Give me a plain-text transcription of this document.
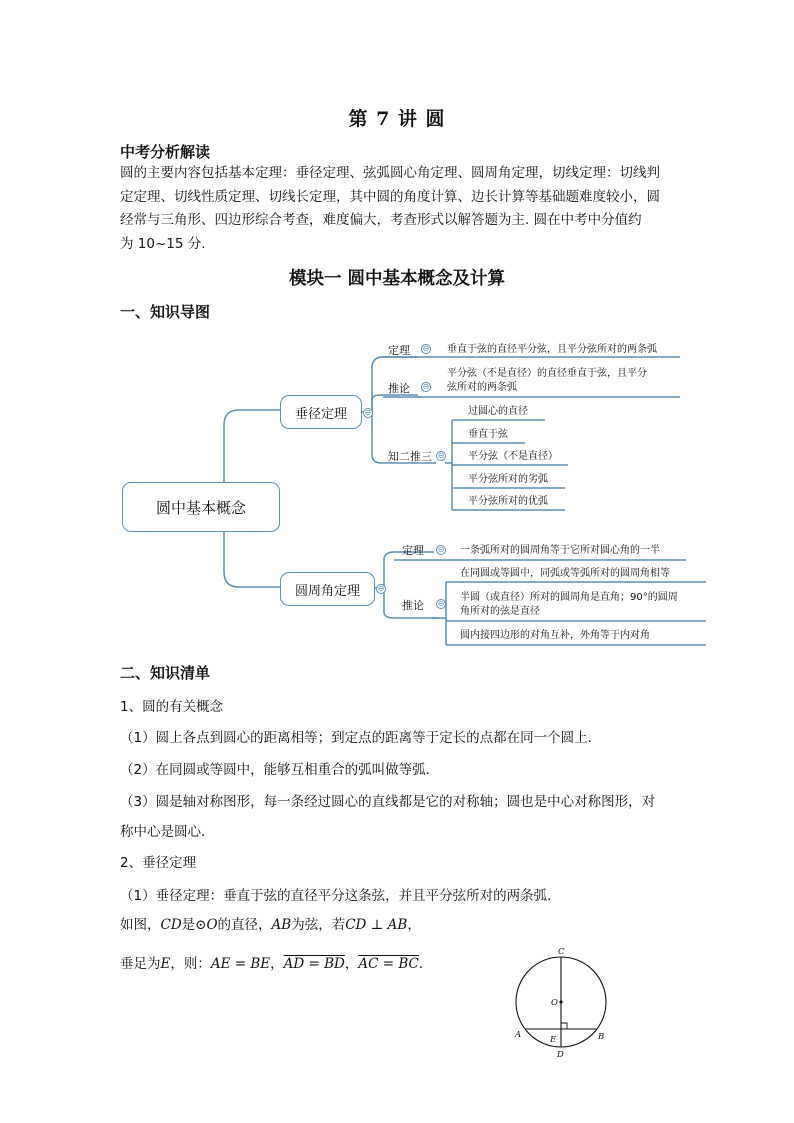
第 7 讲 圆
中考分析解读
圆的主要内容包括基本定理：垂径定理、弦弧圆心角定理、圆周角定理，切线定理：切线判
定定理、切线性质定理、切线长定理，其中圆的角度计算、边长计算等基础题难度较小，圆
经常与三角形、四边形综合考查，难度偏大，考查形式以解答题为主. 圆在中考中分值约
为 10~15 分.
模块一 圆中基本概念及计算
一、知识导图
圆中基本概念
垂径定理
圆周角定理
⊖
⊖
定理 ⊖ 垂直于弦的直径平分弦，且平分弦所对的两条弧
推论 ⊖
平分弦（不是直径）的直径垂直于弦，且平分
弦所对的两条弧
知二推三 ⊖
过圆心的直径
垂直于弦
平分弦（不是直径）
平分弦所对的劣弧
平分弦所对的优弧
定理 ⊖ 一条弧所对的圆周角等于它所对圆心角的一半
推论 ⊖
在同圆或等圆中，同弧或等弧所对的圆周角相等
半圆（或直径）所对的圆周角是直角；90°的圆周
角所对的弦是直径
圆内接四边形的对角互补，外角等于内对角
二、知识清单
1、圆的有关概念
（1）圆上各点到圆心的距离相等；到定点的距离等于定长的点都在同一个圆上．
（2）在同圆或等圆中，能够互相重合的弧叫做等弧．
（3）圆是轴对称图形，每一条经过圆心的直线都是它的对称轴；圆也是中心对称图形，对
称中心是圆心．
2、垂径定理
（1）垂径定理：垂直于弦的直径平分这条弦，并且平分弦所对的两条弧．
如图，CD是⊙O的直径，AB为弦，若CD ⊥ AB，
垂足为E，则：AE = BE，AD = BD，AC = BC．
C
O
A	E	B
D
